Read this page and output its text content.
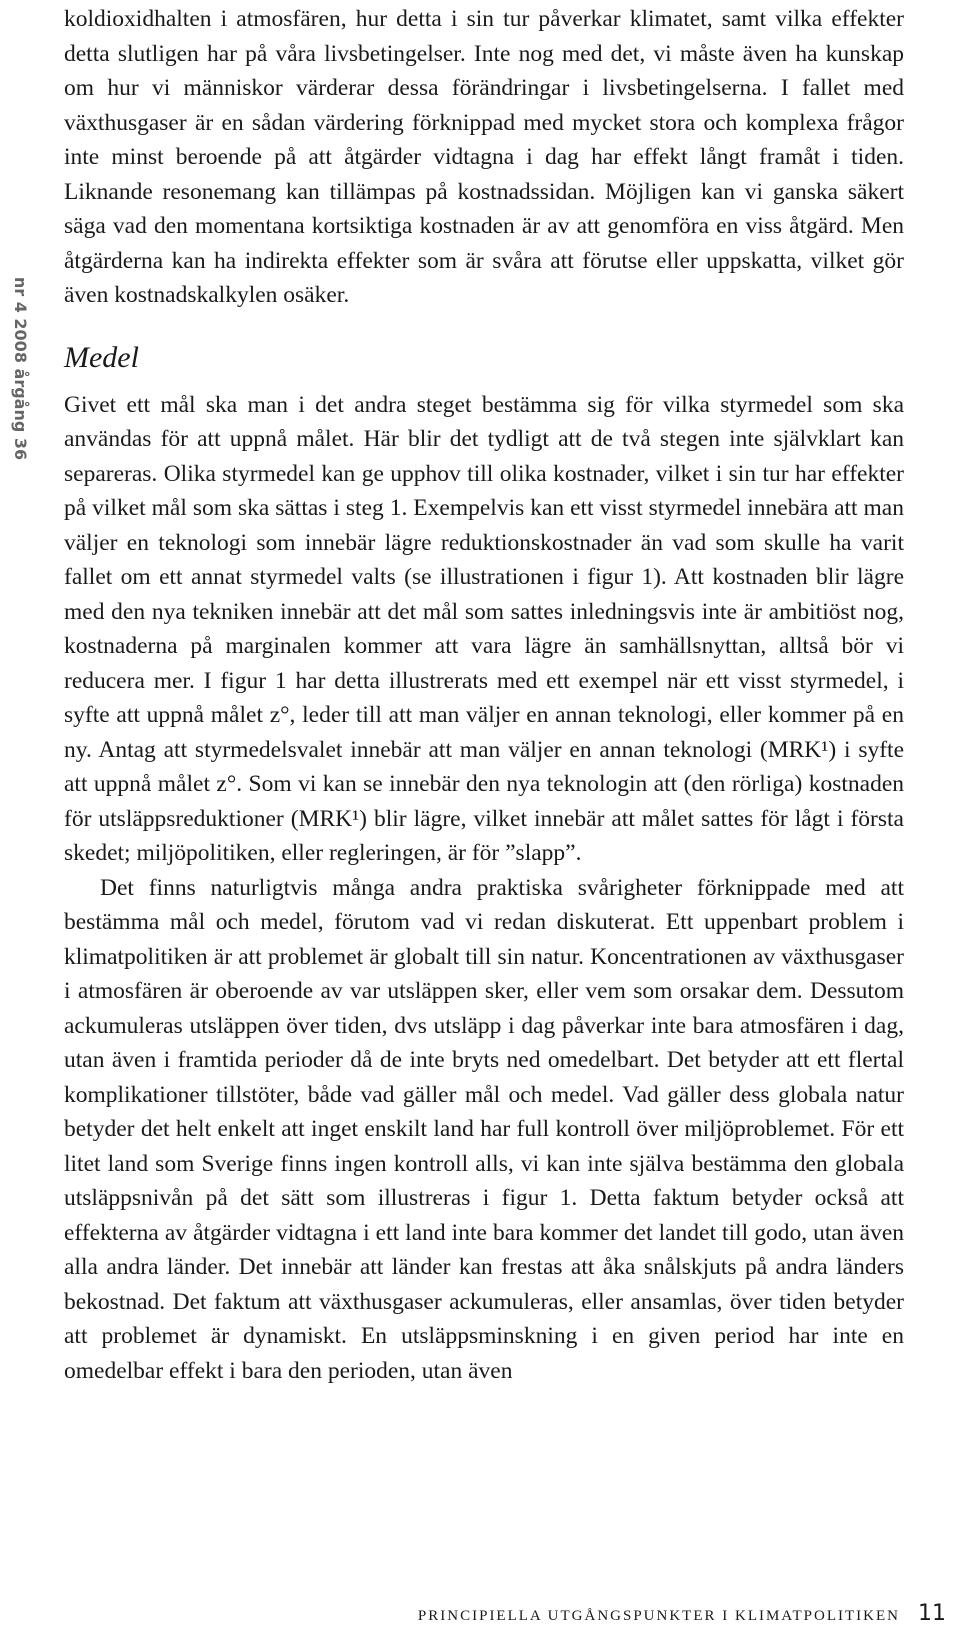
nr 4 2008 årgång 36

koldioxidhalten i atmosfären, hur detta i sin tur påverkar klimatet, samt vilka effekter detta slutligen har på våra livsbetingelser. Inte nog med det, vi måste även ha kunskap om hur vi människor värderar dessa förändringar i livsbetingelserna. I fallet med växthusgaser är en sådan värdering förknippad med mycket stora och komplexa frågor inte minst beroende på att åtgärder vidtagna i dag har effekt långt framåt i tiden. Liknande resonemang kan tillämpas på kostnadssidan. Möjligen kan vi ganska säkert säga vad den momentana kortsiktiga kostnaden är av att genomföra en viss åtgärd. Men åtgärderna kan ha indirekta effekter som är svåra att förutse eller uppskatta, vilket gör även kostnadskalkylen osäker.

Medel

Givet ett mål ska man i det andra steget bestämma sig för vilka styrmedel som ska användas för att uppnå målet. Här blir det tydligt att de två stegen inte självklart kan separeras. Olika styrmedel kan ge upphov till olika kostnader, vilket i sin tur har effekter på vilket mål som ska sättas i steg 1. Exempelvis kan ett visst styrmedel innebära att man väljer en teknologi som innebär lägre reduktionskostnader än vad som skulle ha varit fallet om ett annat styrmedel valts (se illustrationen i figur 1). Att kostnaden blir lägre med den nya tekniken innebär att det mål som sattes inledningsvis inte är ambitiöst nog, kostnaderna på marginalen kommer att vara lägre än samhällsnyttan, alltså bör vi reducera mer. I figur 1 har detta illustrerats med ett exempel när ett visst styrmedel, i syfte att uppnå målet z°, leder till att man väljer en annan teknologi, eller kommer på en ny. Antag att styrmedelsvalet innebär att man väljer en annan teknologi (MRK¹) i syfte att uppnå målet z°. Som vi kan se innebär den nya teknologin att (den rörliga) kostnaden för utsläppsreduktioner (MRK¹) blir lägre, vilket innebär att målet sattes för lågt i första skedet; miljöpolitiken, eller regleringen, är för ”slapp”.

Det finns naturligtvis många andra praktiska svårigheter förknippade med att bestämma mål och medel, förutom vad vi redan diskuterat. Ett uppenbart problem i klimatpolitiken är att problemet är globalt till sin natur. Koncentrationen av växthusgaser i atmosfären är oberoende av var utsläppen sker, eller vem som orsakar dem. Dessutom ackumuleras utsläppen över tiden, dvs utsläpp i dag påverkar inte bara atmosfären i dag, utan även i framtida perioder då de inte bryts ned omedelbart. Det betyder att ett flertal komplikationer tillstöter, både vad gäller mål och medel. Vad gäller dess globala natur betyder det helt enkelt att inget enskilt land har full kontroll över miljöproblemet. För ett litet land som Sverige finns ingen kontroll alls, vi kan inte själva bestämma den globala utsläppsnivån på det sätt som illustreras i figur 1. Detta faktum betyder också att effekterna av åtgärder vidtagna i ett land inte bara kommer det landet till godo, utan även alla andra länder. Det innebär att länder kan frestas att åka snålskjuts på andra länders bekostnad. Det faktum att växthusgaser ackumuleras, eller ansamlas, över tiden betyder att problemet är dynamiskt. En utsläppsminskning i en given period har inte en omedelbar effekt i bara den perioden, utan även

PRINCIPIELLA UTGÅNGSPUNKTER I KLIMATPOLITIKEN 11
